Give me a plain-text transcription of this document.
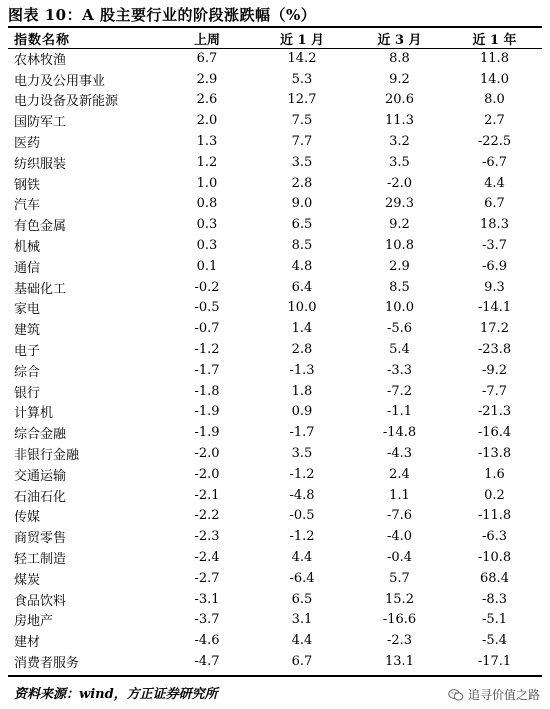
图表 10：A 股主要行业的阶段涨跌幅（%）
指数名称	上周	近 1 月	近 3 月	近 1 年
农林牧渔	6.7	14.2	8.8	11.8
电力及公用事业	2.9	5.3	9.2	14.0
电力设备及新能源	2.6	12.7	20.6	8.0
国防军工	2.0	7.5	11.3	2.7
医药	1.3	7.7	3.2	-22.5
纺织服装	1.2	3.5	3.5	-6.7
钢铁	1.0	2.8	-2.0	4.4
汽车	0.8	9.0	29.3	6.7
有色金属	0.3	6.5	9.2	18.3
机械	0.3	8.5	10.8	-3.7
通信	0.1	4.8	2.9	-6.9
基础化工	-0.2	6.4	8.5	9.3
家电	-0.5	10.0	10.0	-14.1
建筑	-0.7	1.4	-5.6	17.2
电子	-1.2	2.8	5.4	-23.8
综合	-1.7	-1.3	-3.3	-9.2
银行	-1.8	1.8	-7.2	-7.7
计算机	-1.9	0.9	-1.1	-21.3
综合金融	-1.9	-1.7	-14.8	-16.4
非银行金融	-2.0	3.5	-4.3	-13.8
交通运输	-2.0	-1.2	2.4	1.6
石油石化	-2.1	-4.8	1.1	0.2
传媒	-2.2	-0.5	-7.6	-11.8
商贸零售	-2.3	-1.2	-4.0	-6.3
轻工制造	-2.4	4.4	-0.4	-10.8
煤炭	-2.7	-6.4	5.7	68.4
食品饮料	-3.1	6.5	15.2	-8.3
房地产	-3.7	3.1	-16.6	-5.1
建材	-4.6	4.4	-2.3	-5.4
消费者服务	-4.7	6.7	13.1	-17.1
资料来源：wind，方正证券研究所	追寻价值之路
